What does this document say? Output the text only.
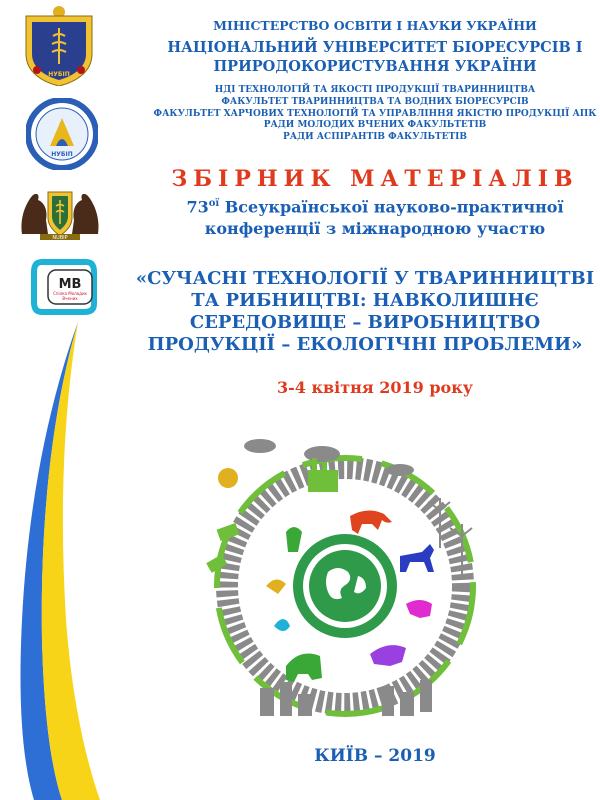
НУБІП
НУБІП
NUBIP
MB
Спілка Молодих
Вчених
МІНІСТЕРСТВО ОСВІТИ І НАУКИ УКРАЇНИ
НАЦІОНАЛЬНИЙ УНІВЕРСИТЕТ БІОРЕСУРСІВ І
ПРИРОДОКОРИСТУВАННЯ УКРАЇНИ
НДІ ТЕХНОЛОГІЙ ТА ЯКОСТІ ПРОДУКЦІЇ ТВАРИННИЦТВА
ФАКУЛЬТЕТ ТВАРИННИЦТВА ТА ВОДНИХ БІОРЕСУРСІВ
ФАКУЛЬТЕТ ХАРЧОВИХ ТЕХНОЛОГІЙ ТА УПРАВЛІННЯ ЯКІСТЮ ПРОДУКЦІЇ АПК
РАДИ МОЛОДИХ ВЧЕНИХ ФАКУЛЬТЕТІВ
РАДИ АСПІРАНТІВ ФАКУЛЬТЕТІВ
ЗБІРНИК МАТЕРІАЛІВ
$73^{ої}$ Всеукраїнської науково-практичної
конференції з міжнародною участю
«СУЧАСНІ ТЕХНОЛОГІЇ У ТВАРИННИЦТВІ
ТА РИБНИЦТВІ: НАВКОЛИШНЄ
СЕРЕДОВИЩЕ – ВИРОБНИЦТВО
ПРОДУКЦІЇ – ЕКОЛОГІЧНІ ПРОБЛЕМИ»
3-4 квітня 2019 року
КИЇВ – 2019
